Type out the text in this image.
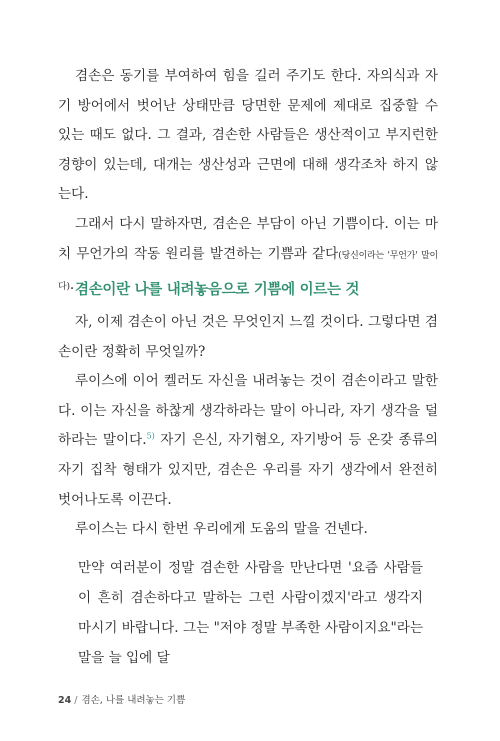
겸손은 동기를 부여하여 힘을 길러 주기도 한다. 자의식과 자기 방어에서 벗어난 상태만큼 당면한 문제에 제대로 집중할 수 있는 때도 없다. 그 결과, 겸손한 사람들은 생산적이고 부지런한 경향이 있는데, 대개는 생산성과 근면에 대해 생각조차 하지 않는다.

그래서 다시 말하자면, 겸손은 부담이 아닌 기쁨이다. 이는 마치 무언가의 작동 원리를 발견하는 기쁨과 같다(당신이라는 '무언가' 말이다). 겸손이란 나를 내려놓음으로 기쁨에 이르는 것

자, 이제 겸손이 아닌 것은 무엇인지 느낄 것이다. 그렇다면 겸손이란 정확히 무엇일까?

루이스에 이어 켈러도 자신을 내려놓는 것이 겸손이라고 말한다. 이는 자신을 하찮게 생각하라는 말이 아니라, 자기 생각을 덜 하라는 말이다.$^{5)}$ 자기 은신, 자기혐오, 자기방어 등 온갖 종류의 자기 집착 형태가 있지만, 겸손은 우리를 자기 생각에서 완전히 벗어나도록 이끈다.

루이스는 다시 한번 우리에게 도움의 말을 건넨다.

만약 여러분이 정말 겸손한 사람을 만난다면 '요즘 사람들이 흔히 겸손하다고 말하는 그런 사람이겠지'라고 생각지 마시기 바랍니다. 그는 "저야 정말 부족한 사람이지요"라는 말을 늘 입에 달

24 / 겸손, 나를 내려놓는 기쁨
